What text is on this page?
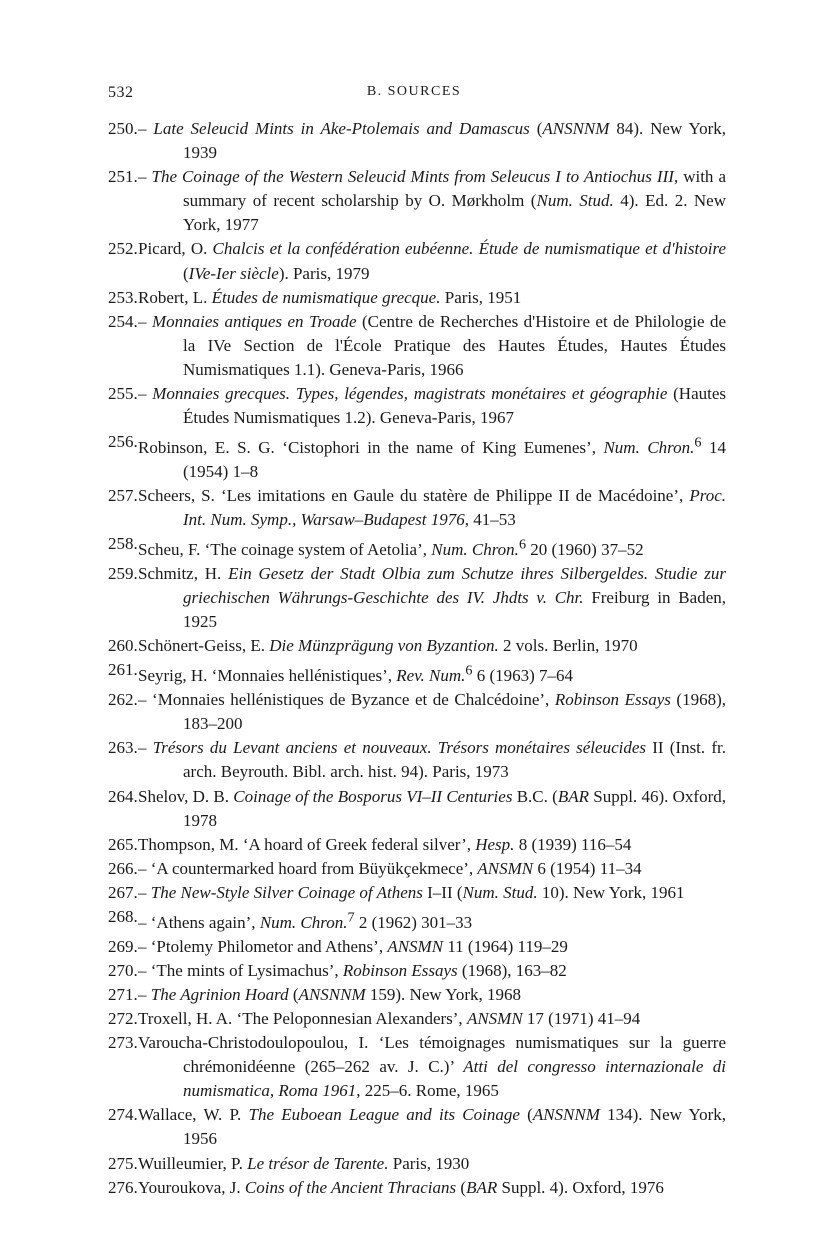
532	B. SOURCES
250. – Late Seleucid Mints in Ake-Ptolemais and Damascus (ANSNNM 84). New York, 1939
251. – The Coinage of the Western Seleucid Mints from Seleucus I to Antiochus III, with a summary of recent scholarship by O. Mørkholm (Num. Stud. 4). Ed. 2. New York, 1977
252. Picard, O. Chalcis et la confédération eubéenne. Étude de numismatique et d'histoire (IVe-Ier siècle). Paris, 1979
253. Robert, L. Études de numismatique grecque. Paris, 1951
254. – Monnaies antiques en Troade (Centre de Recherches d'Histoire et de Philologie de la IVe Section de l'École Pratique des Hautes Études, Hautes Études Numismatiques 1.1). Geneva-Paris, 1966
255. – Monnaies grecques. Types, légendes, magistrats monétaires et géographie (Hautes Études Numismatiques 1.2). Geneva-Paris, 1967
256. Robinson, E. S. G. ‘Cistophori in the name of King Eumenes’, Num. Chron.$^6$ 14 (1954) 1–8
257. Scheers, S. ‘Les imitations en Gaule du statère de Philippe II de Macédoine’, Proc. Int. Num. Symp., Warsaw–Budapest 1976, 41–53
258. Scheu, F. ‘The coinage system of Aetolia’, Num. Chron.$^6$ 20 (1960) 37–52
259. Schmitz, H. Ein Gesetz der Stadt Olbia zum Schutze ihres Silbergeldes. Studie zur griechischen Währungs-Geschichte des IV. Jhdts v. Chr. Freiburg in Baden, 1925
260. Schönert-Geiss, E. Die Münzprägung von Byzantion. 2 vols. Berlin, 1970
261. Seyrig, H. ‘Monnaies hellénistiques’, Rev. Num.$^6$ 6 (1963) 7–64
262. – ‘Monnaies hellénistiques de Byzance et de Chalcédoine’, Robinson Essays (1968), 183–200
263. – Trésors du Levant anciens et nouveaux. Trésors monétaires séleucides II (Inst. fr. arch. Beyrouth. Bibl. arch. hist. 94). Paris, 1973
264. Shelov, D. B. Coinage of the Bosporus VI–II Centuries B.C. (BAR Suppl. 46). Oxford, 1978
265. Thompson, M. ‘A hoard of Greek federal silver’, Hesp. 8 (1939) 116–54
266. – ‘A countermarked hoard from Büyükçekmece’, ANSMN 6 (1954) 11–34
267. – The New-Style Silver Coinage of Athens I–II (Num. Stud. 10). New York, 1961
268. – ‘Athens again’, Num. Chron.$^7$ 2 (1962) 301–33
269. – ‘Ptolemy Philometor and Athens’, ANSMN 11 (1964) 119–29
270. – ‘The mints of Lysimachus’, Robinson Essays (1968), 163–82
271. – The Agrinion Hoard (ANSNNM 159). New York, 1968
272. Troxell, H. A. ‘The Peloponnesian Alexanders’, ANSMN 17 (1971) 41–94
273. Varoucha-Christodoulopoulou, I. ‘Les témoignages numismatiques sur la guerre chrémonidéenne (265–262 av. J. C.)’ Atti del congresso internazionale di numismatica, Roma 1961, 225–6. Rome, 1965
274. Wallace, W. P. The Euboean League and its Coinage (ANSNNM 134). New York, 1956
275. Wuilleumier, P. Le trésor de Tarente. Paris, 1930
276. Youroukova, J. Coins of the Ancient Thracians (BAR Suppl. 4). Oxford, 1976
